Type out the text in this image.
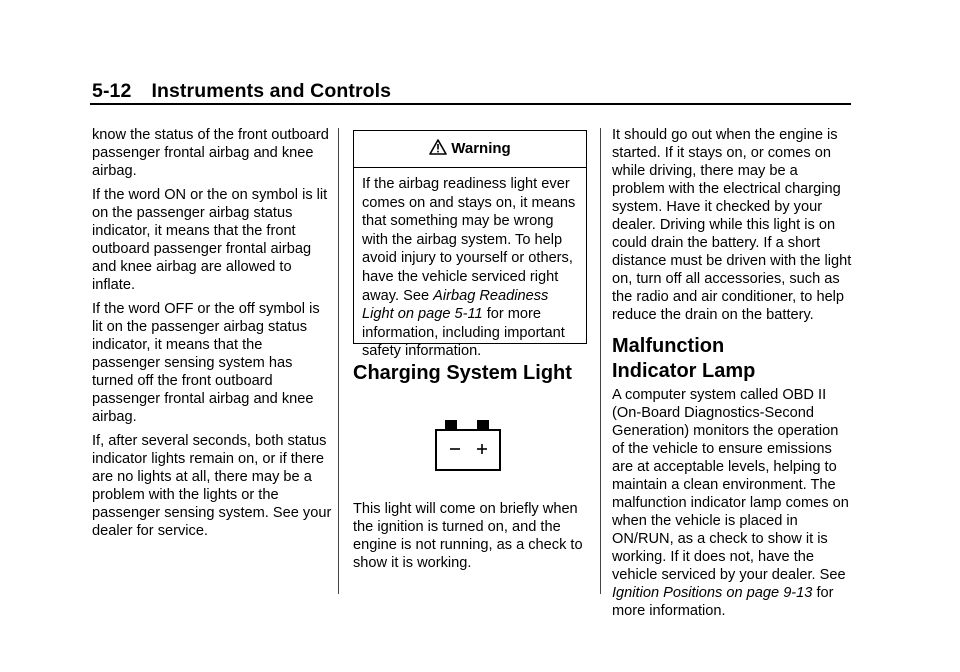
5-12 Instruments and Controls

know the status of the front outboard passenger frontal airbag and knee airbag.

If the word ON or the on symbol is lit on the passenger airbag status indicator, it means that the front outboard passenger frontal airbag and knee airbag are allowed to inflate.

If the word OFF or the off symbol is lit on the passenger airbag status indicator, it means that the passenger sensing system has turned off the front outboard passenger frontal airbag and knee airbag.

If, after several seconds, both status indicator lights remain on, or if there are no lights at all, there may be a problem with the lights or the passenger sensing system. See your dealer for service.

Warning
If the airbag readiness light ever comes on and stays on, it means that something may be wrong with the airbag system. To help avoid injury to yourself or others, have the vehicle serviced right away. See Airbag Readiness Light on page 5-11 for more information, including important safety information.
Charging System Light
This light will come on briefly when the ignition is turned on, and the engine is not running, as a check to show it is working.

It should go out when the engine is started. If it stays on, or comes on while driving, there may be a problem with the electrical charging system. Have it checked by your dealer. Driving while this light is on could drain the battery. If a short distance must be driven with the light on, turn off all accessories, such as the radio and air conditioner, to help reduce the drain on the battery.

Malfunction
Indicator Lamp
A computer system called OBD II (On-Board Diagnostics-Second Generation) monitors the operation of the vehicle to ensure emissions are at acceptable levels, helping to maintain a clean environment. The malfunction indicator lamp comes on when the vehicle is placed in ON/RUN, as a check to show it is working. If it does not, have the vehicle serviced by your dealer. See Ignition Positions on page 9-13 for more information.
